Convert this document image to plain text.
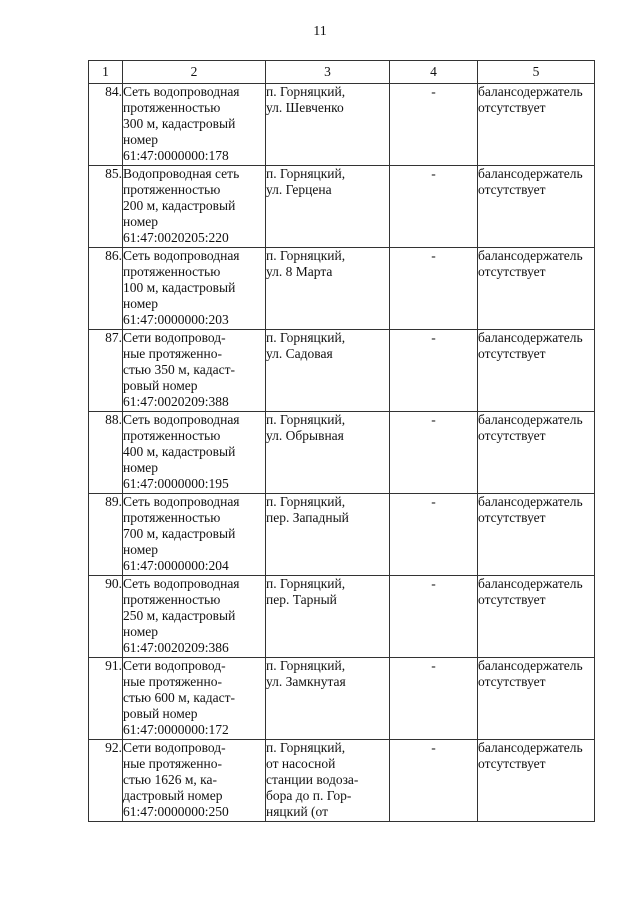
11
1	2	3	4	5
84.	Сеть водопроводная
протяженностью
300 м, кадастровый
номер
61:47:0000000:178	п. Горняцкий,
ул. Шевченко	-	балансодержатель
отсутствует

85.	Водопроводная сеть
протяженностью
200 м, кадастровый
номер
61:47:0020205:220	п. Горняцкий,
ул. Герцена	-	балансодержатель
отсутствует

86.	Сеть водопроводная
протяженностью
100 м, кадастровый
номер
61:47:0000000:203	п. Горняцкий,
ул. 8 Марта	-	балансодержатель
отсутствует

87.	Сети водопровод-
ные протяженно-
стью 350 м, кадаст-
ровый номер
61:47:0020209:388	п. Горняцкий,
ул. Садовая	-	балансодержатель
отсутствует

88.	Сеть водопроводная
протяженностью
400 м, кадастровый
номер
61:47:0000000:195	п. Горняцкий,
ул. Обрывная	-	балансодержатель
отсутствует

89.	Сеть водопроводная
протяженностью
700 м, кадастровый
номер
61:47:0000000:204	п. Горняцкий,
пер. Западный	-	балансодержатель
отсутствует

90.	Сеть водопроводная
протяженностью
250 м, кадастровый
номер
61:47:0020209:386	п. Горняцкий,
пер. Тарный	-	балансодержатель
отсутствует

91.	Сети водопровод-
ные протяженно-
стью 600 м, кадаст-
ровый номер
61:47:0000000:172	п. Горняцкий,
ул. Замкнутая	-	балансодержатель
отсутствует

92.	Сети водопровод-
ные протяженно-
стью 1626 м, ка-
дастровый номер
61:47:0000000:250	п. Горняцкий,
от насосной
станции водоза-
бора до п. Гор-
няцкий (от	-	балансодержатель
отсутствует
